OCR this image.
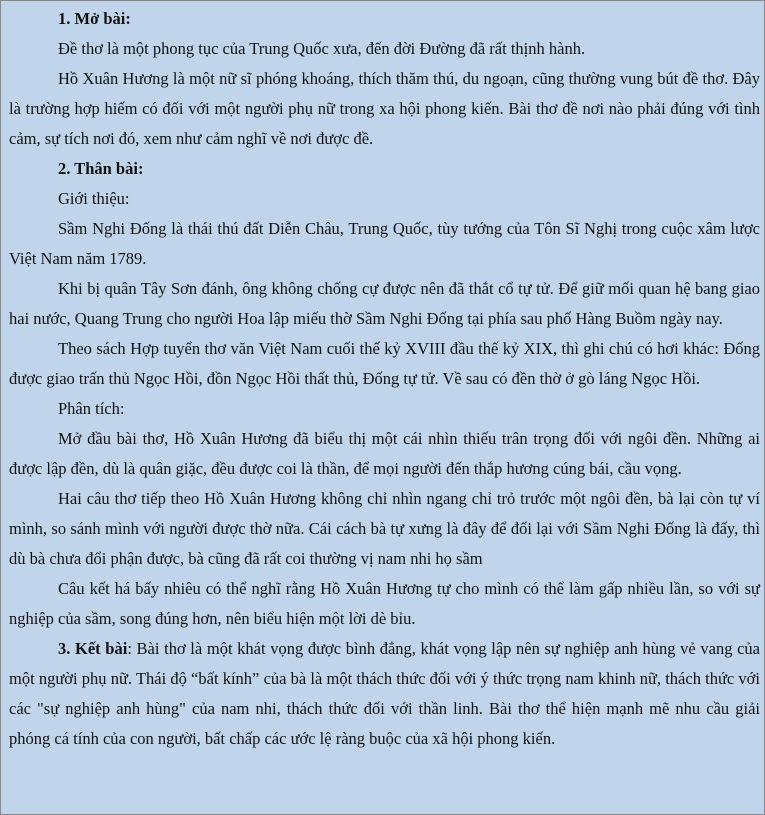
1. Mở bài:

Đề thơ là một phong tục của Trung Quốc xưa, đến đời Đường đã rất thịnh hành.

Hồ Xuân Hương là một nữ sĩ phóng khoáng, thích thăm thú, du ngoạn, cũng thường vung bút đề thơ. Đây là trường hợp hiếm có đối với một người phụ nữ trong xa hội phong kiến. Bài thơ đề nơi nào phải đúng với tình cảm, sự tích nơi đó, xem như cảm nghĩ về nơi được đề.

2. Thân bài:

Giới thiệu:

Sầm Nghi Đống là thái thú đất Diễn Châu, Trung Quốc, tùy tướng của Tôn Sĩ Nghị trong cuộc xâm lược Việt Nam năm 1789.

Khi bị quân Tây Sơn đánh, ông không chống cự được nên đã thắt cổ tự tử. Để giữ mối quan hệ bang giao hai nước, Quang Trung cho người Hoa lập miếu thờ Sầm Nghi Đống tại phía sau phố Hàng Buồm ngày nay.

Theo sách Hợp tuyển thơ văn Việt Nam cuối thế kỷ XVIII đầu thế kỷ XIX, thì ghi chú có hơi khác: Đống được giao trấn thủ Ngọc Hồi, đồn Ngọc Hồi thất thủ, Đống tự tử. Về sau có đền thờ ở gò láng Ngọc Hồi.

Phân tích:

Mở đầu bài thơ, Hồ Xuân Hương đã biểu thị một cái nhìn thiếu trân trọng đối với ngôi đền. Những ai được lập đền, dù là quân giặc, đều được coi là thần, để mọi người đến thắp hương cúng bái, cầu vọng.

Hai câu thơ tiếp theo Hồ Xuân Hương không chỉ nhìn ngang chỉ trỏ trước một ngôi đền, bà lại còn tự ví mình, so sánh mình với người được thờ nữa. Cái cách bà tự xưng là đây để đối lại với Sầm Nghi Đống là đấy, thì dù bà chưa đổi phận được, bà cũng đã rất coi thường vị nam nhi họ sầm

Câu kết há bấy nhiêu có thể nghĩ rằng Hồ Xuân Hương tự cho mình có thể làm gấp nhiều lần, so với sự nghiệp của sầm, song đúng hơn, nên biểu hiện một lời dè bỉu.

3. Kết bài: Bài thơ là một khát vọng được bình đẳng, khát vọng lập nên sự nghiệp anh hùng vẻ vang của một người phụ nữ. Thái độ “bất kính” của bà là một thách thức đối với ý thức trọng nam khinh nữ, thách thức với các "sự nghiệp anh hùng" của nam nhi, thách thức đối với thần linh. Bài thơ thể hiện mạnh mẽ nhu cầu giải phóng cá tính của con người, bất chấp các ước lệ ràng buộc của xã hội phong kiến.
